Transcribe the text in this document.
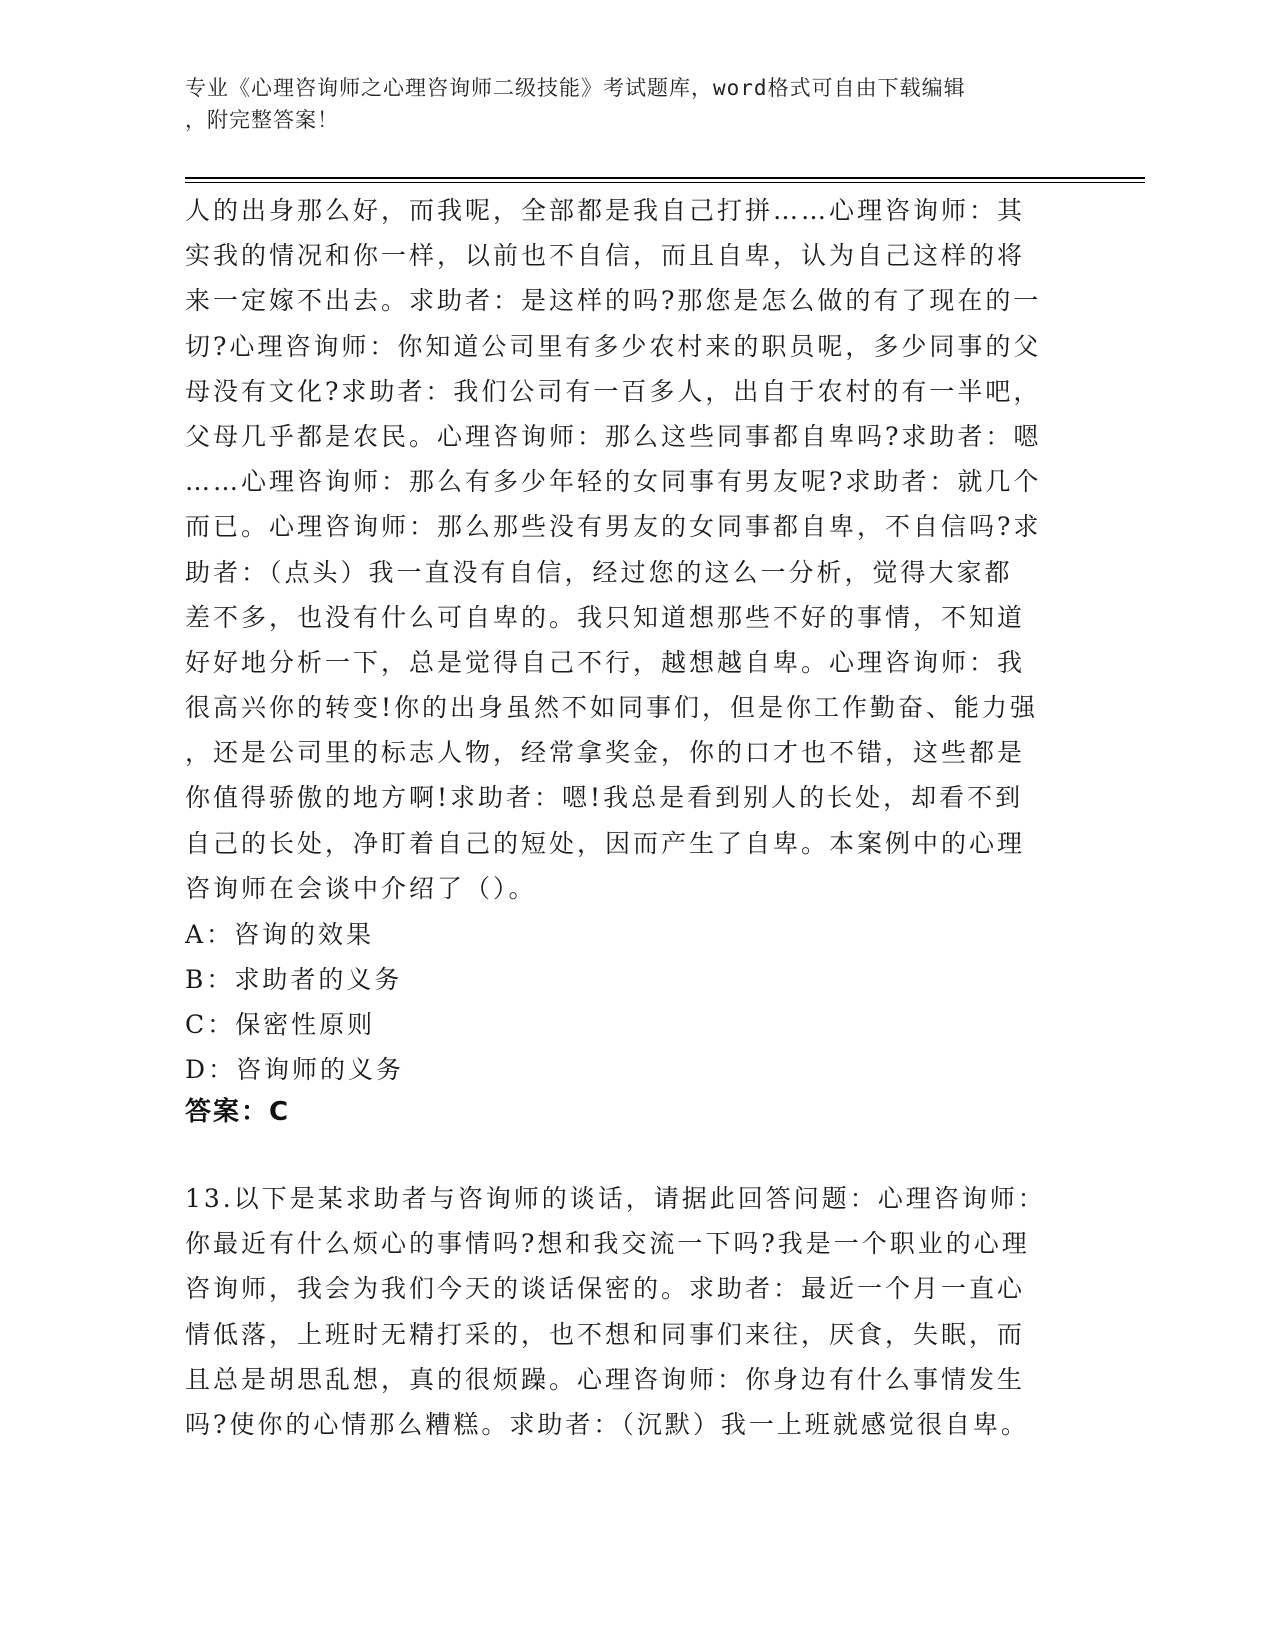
专业《心理咨询师之心理咨询师二级技能》考试题库，word格式可自由下载编辑
，附完整答案！
人的出身那么好，而我呢，全部都是我自己打拼……心理咨询师：其
实我的情况和你一样，以前也不自信，而且自卑，认为自己这样的将
来一定嫁不出去。求助者：是这样的吗?那您是怎么做的有了现在的一
切?心理咨询师：你知道公司里有多少农村来的职员呢，多少同事的父
母没有文化?求助者：我们公司有一百多人，出自于农村的有一半吧，
父母几乎都是农民。心理咨询师：那么这些同事都自卑吗?求助者：嗯
……心理咨询师：那么有多少年轻的女同事有男友呢?求助者：就几个
而已。心理咨询师：那么那些没有男友的女同事都自卑，不自信吗?求
助者：（点头）我一直没有自信，经过您的这么一分析，觉得大家都
差不多，也没有什么可自卑的。我只知道想那些不好的事情，不知道
好好地分析一下，总是觉得自己不行，越想越自卑。心理咨询师：我
很高兴你的转变!你的出身虽然不如同事们，但是你工作勤奋、能力强
，还是公司里的标志人物，经常拿奖金，你的口才也不错，这些都是
你值得骄傲的地方啊!求助者：嗯!我总是看到别人的长处，却看不到
自己的长处，净盯着自己的短处，因而产生了自卑。本案例中的心理
咨询师在会谈中介绍了（）。
A：咨询的效果
B：求助者的义务
C：保密性原则
D：咨询师的义务
答案：C
13.以下是某求助者与咨询师的谈话，请据此回答问题：心理咨询师：
你最近有什么烦心的事情吗?想和我交流一下吗?我是一个职业的心理
咨询师，我会为我们今天的谈话保密的。求助者：最近一个月一直心
情低落，上班时无精打采的，也不想和同事们来往，厌食，失眠，而
且总是胡思乱想，真的很烦躁。心理咨询师：你身边有什么事情发生
吗?使你的心情那么糟糕。求助者：（沉默）我一上班就感觉很自卑。
